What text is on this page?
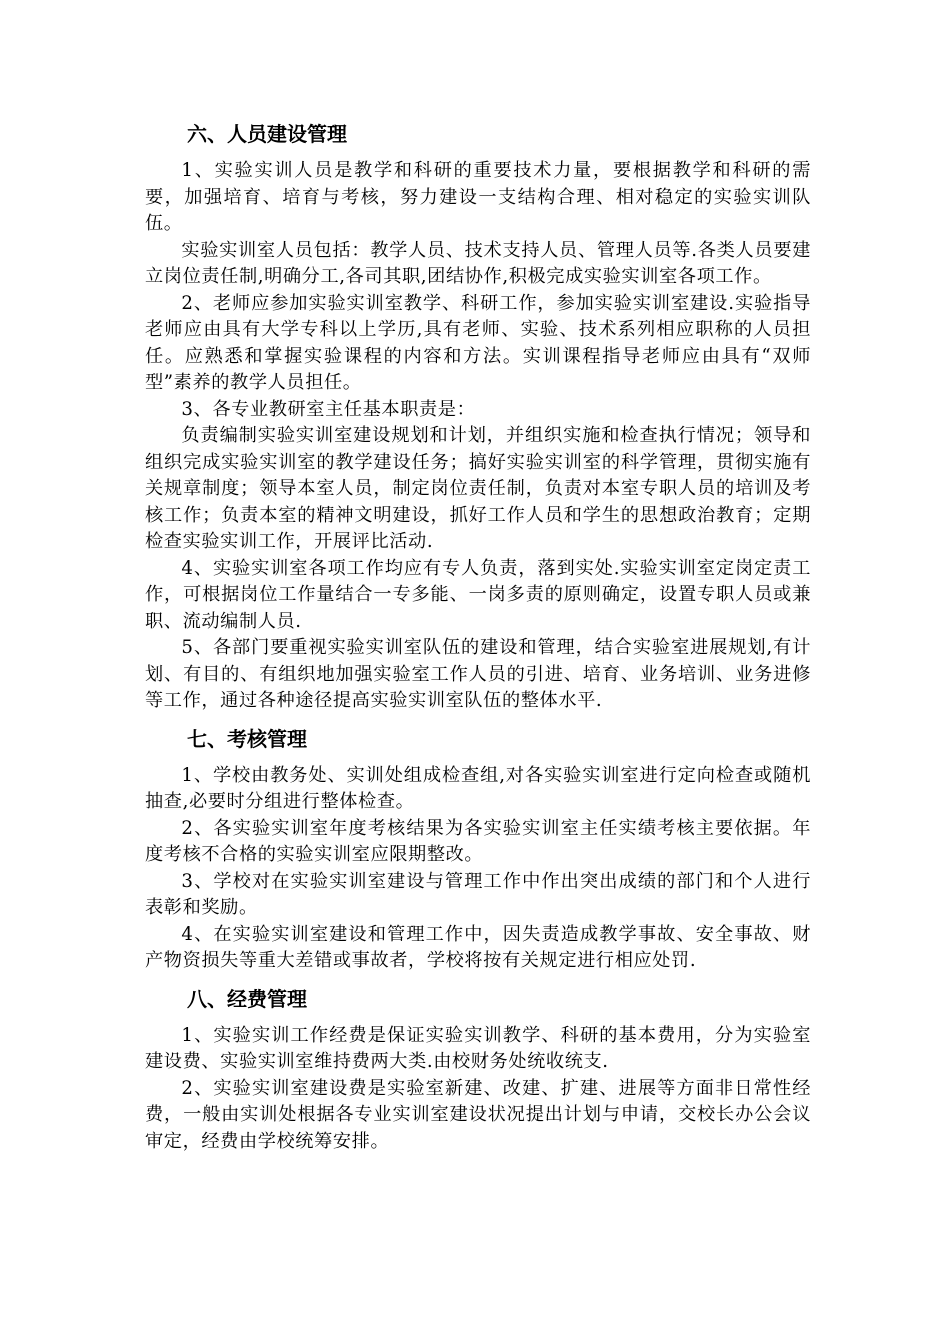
六、人员建设管理

1、实验实训人员是教学和科研的重要技术力量，要根据教学和科研的需要，加强培育、培育与考核，努力建设一支结构合理、相对稳定的实验实训队伍。

实验实训室人员包括：教学人员、技术支持人员、管理人员等.各类人员要建立岗位责任制,明确分工,各司其职,团结协作,积极完成实验实训室各项工作。

2、老师应参加实验实训室教学、科研工作，参加实验实训室建设.实验指导老师应由具有大学专科以上学历,具有老师、实验、技术系列相应职称的人员担任。应熟悉和掌握实验课程的内容和方法。实训课程指导老师应由具有“双师型”素养的教学人员担任。

3、各专业教研室主任基本职责是：

负责编制实验实训室建设规划和计划，并组织实施和检查执行情况；领导和组织完成实验实训室的教学建设任务；搞好实验实训室的科学管理，贯彻实施有关规章制度；领导本室人员，制定岗位责任制，负责对本室专职人员的培训及考核工作；负责本室的精神文明建设，抓好工作人员和学生的思想政治教育；定期检查实验实训工作，开展评比活动.

4、实验实训室各项工作均应有专人负责，落到实处.实验实训室定岗定责工作，可根据岗位工作量结合一专多能、一岗多责的原则确定，设置专职人员或兼职、流动编制人员.

5、各部门要重视实验实训室队伍的建设和管理，结合实验室进展规划,有计划、有目的、有组织地加强实验室工作人员的引进、培育、业务培训、业务进修等工作，通过各种途径提高实验实训室队伍的整体水平.

七、考核管理

1、学校由教务处、实训处组成检查组,对各实验实训室进行定向检查或随机抽查,必要时分组进行整体检查。

2、各实验实训室年度考核结果为各实验实训室主任实绩考核主要依据。年度考核不合格的实验实训室应限期整改。

3、学校对在实验实训室建设与管理工作中作出突出成绩的部门和个人进行表彰和奖励。

4、在实验实训室建设和管理工作中，因失责造成教学事故、安全事故、财产物资损失等重大差错或事故者，学校将按有关规定进行相应处罚.

八、经费管理

1、实验实训工作经费是保证实验实训教学、科研的基本费用，分为实验室建设费、实验实训室维持费两大类.由校财务处统收统支.

2、实验实训室建设费是实验室新建、改建、扩建、进展等方面非日常性经费，一般由实训处根据各专业实训室建设状况提出计划与申请，交校长办公会议审定，经费由学校统筹安排。
